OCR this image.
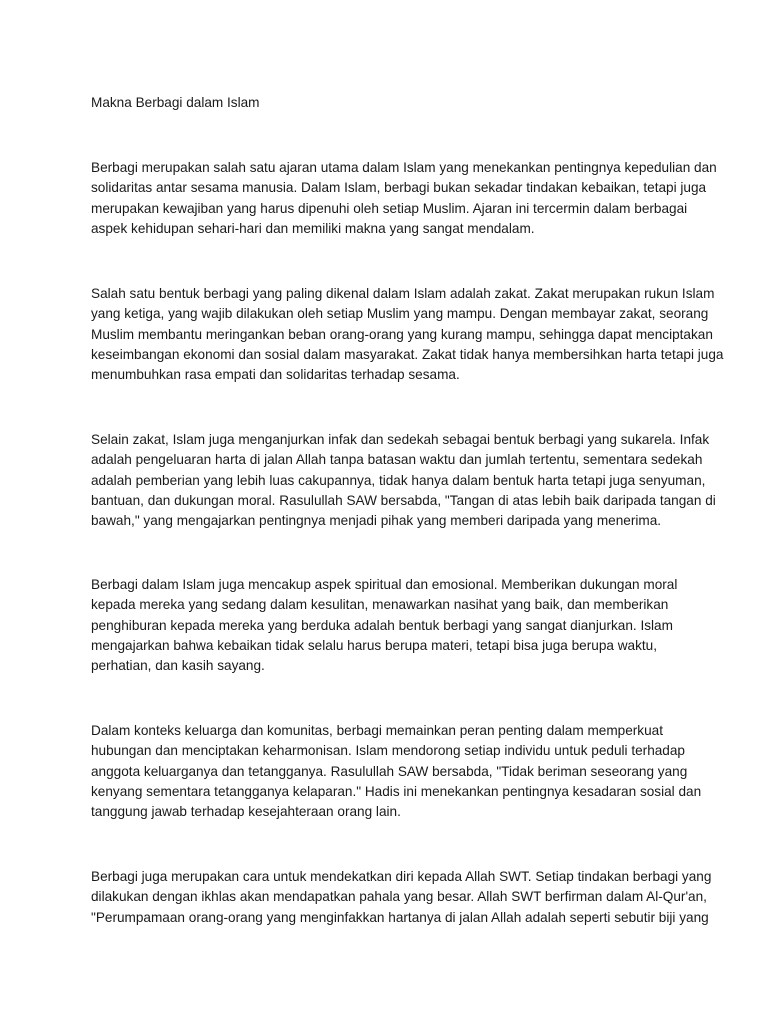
Makna Berbagi dalam Islam
Berbagi merupakan salah satu ajaran utama dalam Islam yang menekankan pentingnya kepedulian dan
solidaritas antar sesama manusia. Dalam Islam, berbagi bukan sekadar tindakan kebaikan, tetapi juga
merupakan kewajiban yang harus dipenuhi oleh setiap Muslim. Ajaran ini tercermin dalam berbagai
aspek kehidupan sehari-hari dan memiliki makna yang sangat mendalam.
Salah satu bentuk berbagi yang paling dikenal dalam Islam adalah zakat. Zakat merupakan rukun Islam
yang ketiga, yang wajib dilakukan oleh setiap Muslim yang mampu. Dengan membayar zakat, seorang
Muslim membantu meringankan beban orang-orang yang kurang mampu, sehingga dapat menciptakan
keseimbangan ekonomi dan sosial dalam masyarakat. Zakat tidak hanya membersihkan harta tetapi juga
menumbuhkan rasa empati dan solidaritas terhadap sesama.
Selain zakat, Islam juga menganjurkan infak dan sedekah sebagai bentuk berbagi yang sukarela. Infak
adalah pengeluaran harta di jalan Allah tanpa batasan waktu dan jumlah tertentu, sementara sedekah
adalah pemberian yang lebih luas cakupannya, tidak hanya dalam bentuk harta tetapi juga senyuman,
bantuan, dan dukungan moral. Rasulullah SAW bersabda, "Tangan di atas lebih baik daripada tangan di
bawah," yang mengajarkan pentingnya menjadi pihak yang memberi daripada yang menerima.
Berbagi dalam Islam juga mencakup aspek spiritual dan emosional. Memberikan dukungan moral
kepada mereka yang sedang dalam kesulitan, menawarkan nasihat yang baik, dan memberikan
penghiburan kepada mereka yang berduka adalah bentuk berbagi yang sangat dianjurkan. Islam
mengajarkan bahwa kebaikan tidak selalu harus berupa materi, tetapi bisa juga berupa waktu,
perhatian, dan kasih sayang.
Dalam konteks keluarga dan komunitas, berbagi memainkan peran penting dalam memperkuat
hubungan dan menciptakan keharmonisan. Islam mendorong setiap individu untuk peduli terhadap
anggota keluarganya dan tetangganya. Rasulullah SAW bersabda, "Tidak beriman seseorang yang
kenyang sementara tetangganya kelaparan." Hadis ini menekankan pentingnya kesadaran sosial dan
tanggung jawab terhadap kesejahteraan orang lain.
Berbagi juga merupakan cara untuk mendekatkan diri kepada Allah SWT. Setiap tindakan berbagi yang
dilakukan dengan ikhlas akan mendapatkan pahala yang besar. Allah SWT berfirman dalam Al-Qur'an,
"Perumpamaan orang-orang yang menginfakkan hartanya di jalan Allah adalah seperti sebutir biji yang
